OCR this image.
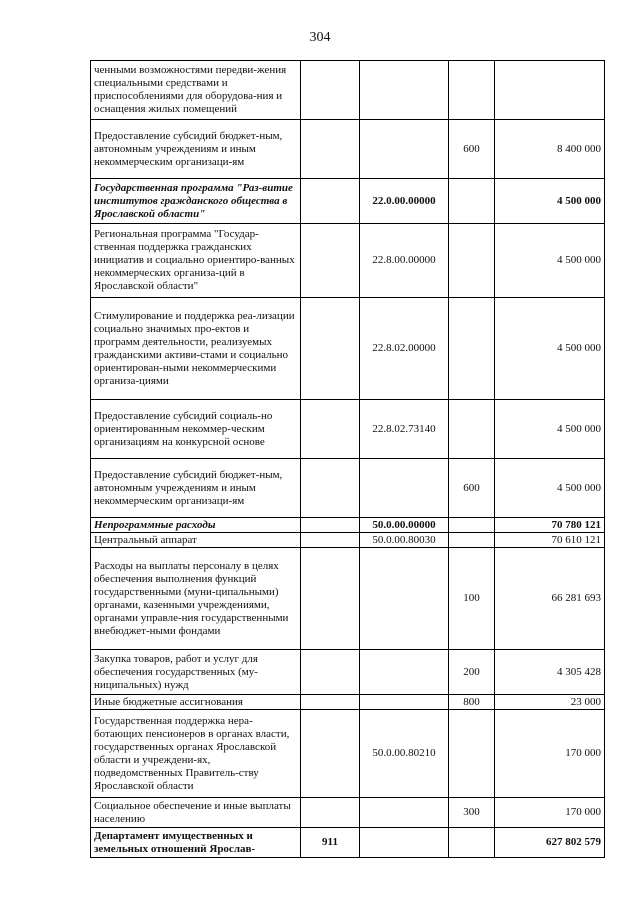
304
ченными возможностями передви-жения специальными средствами и приспособлениями для оборудова-ния и оснащения жилых помещений				
Предоставление субсидий бюджет-ным, автономным учреждениям и иным некоммерческим организаци-ям			600	8 400 000
Государственная программа "Раз-витие институтов гражданского общества в Ярославской области"		22.0.00.00000		4 500 000
Региональная программа "Государ-ственная поддержка гражданских инициатив и социально ориентиро-ванных некоммерческих организа-ций в Ярославской области"		22.8.00.00000		4 500 000
Стимулирование и поддержка реа-лизации социально значимых про-ектов и программ деятельности, реализуемых гражданскими активи-стами и социально ориентирован-ными некоммерческими организа-циями		22.8.02.00000		4 500 000
Предоставление субсидий социаль-но ориентированным некоммер-ческим организациям на конкурсной основе		22.8.02.73140		4 500 000
Предоставление субсидий бюджет-ным, автономным учреждениям и иным некоммерческим организаци-ям			600	4 500 000
Непрограммные расходы		50.0.00.00000		70 780 121
Центральный аппарат		50.0.00.80030		70 610 121
Расходы на выплаты персоналу в целях обеспечения выполнения функций государственными (муни-ципальными) органами, казенными учреждениями, органами управле-ния государственными внебюджет-ными фондами			100	66 281 693
Закупка товаров, работ и услуг для обеспечения государственных (му-ниципальных) нужд			200	4 305 428
Иные бюджетные ассигнования			800	23 000
Государственная поддержка нера-ботающих пенсионеров в органах власти, государственных органах Ярославской области и учреждени-ях, подведомственных Правитель-ству Ярославской области		50.0.00.80210		170 000
Социальное обеспечение и иные выплаты населению			300	170 000
Департамент имущественных и земельных отношений Ярослав-	911			627 802 579
